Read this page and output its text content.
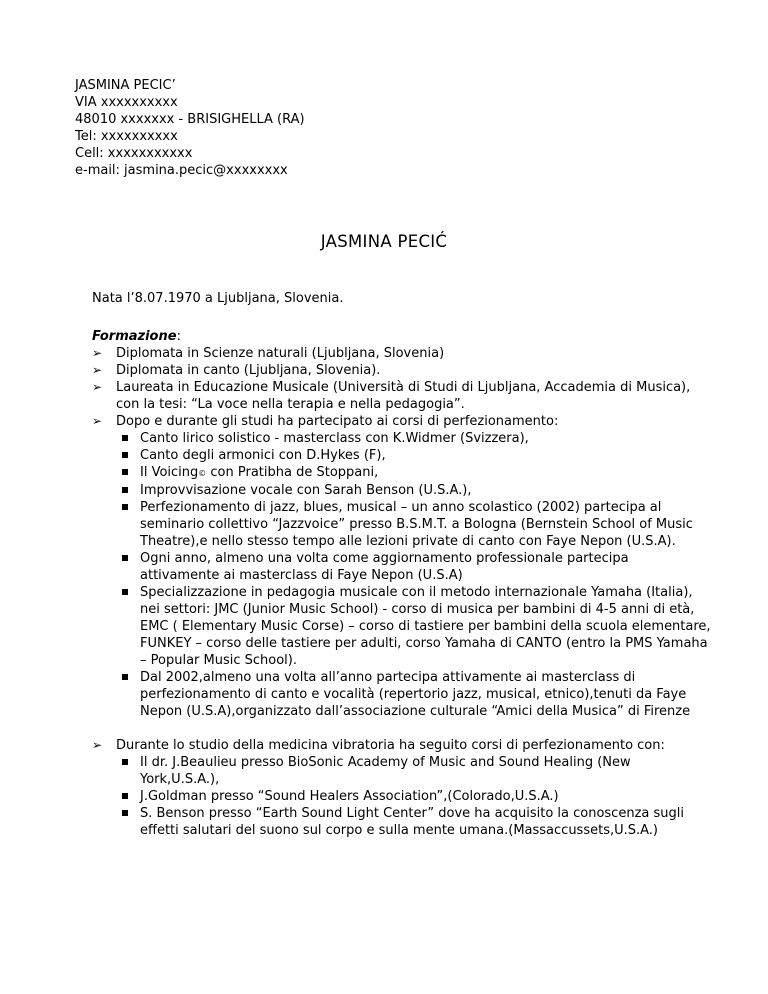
JASMINA PECIC’
VIA xxxxxxxxxx
48010 xxxxxxx - BRISIGHELLA (RA)
Tel: xxxxxxxxxx
Cell: xxxxxxxxxxx
e-mail: jasmina.pecic@xxxxxxxx
JASMINA PECIĆ
Nata l’8.07.1970 a Ljubljana, Slovenia.
Formazione:
➢	Diplomata in Scienze naturali (Ljubljana, Slovenia)
➢	Diplomata in canto (Ljubljana, Slovenia).
➢	Laureata in Educazione Musicale (Università di Studi di Ljubljana, Accademia di Musica), con la tesi: “La voce nella terapia e nella pedagogia”.
➢	Dopo e durante gli studi ha partecipato ai corsi di perfezionamento:
Canto lirico solistico - masterclass con K.Widmer (Svizzera),
Canto degli armonici con D.Hykes (F),
Il Voicing© con Pratibha de Stoppani,
Improvvisazione vocale con Sarah Benson (U.S.A.),
Perfezionamento di jazz, blues, musical – un anno scolastico (2002) partecipa al seminario collettivo “Jazzvoice” presso B.S.M.T. a Bologna (Bernstein School of Music Theatre),e nello stesso tempo alle lezioni private di canto con Faye Nepon (U.S.A).
Ogni anno, almeno una volta come aggiornamento professionale partecipa attivamente ai masterclass di Faye Nepon (U.S.A)
Specializzazione in pedagogia musicale con il metodo internazionale Yamaha (Italia), nei settori: JMC (Junior Music School) - corso di musica per bambini di 4-5 anni di età, EMC ( Elementary Music Corse) – corso di tastiere per bambini della scuola elementare, FUNKEY – corso delle tastiere per adulti, corso Yamaha di CANTO (entro la PMS Yamaha – Popular Music School).
Dal 2002,almeno una volta all’anno partecipa attivamente ai masterclass di perfezionamento di canto e vocalità (repertorio jazz, musical, etnico),tenuti da Faye Nepon (U.S.A),organizzato dall’associazione culturale “Amici della Musica” di Firenze
➢	Durante lo studio della medicina vibratoria ha seguito corsi di perfezionamento con:
Il dr. J.Beaulieu presso BioSonic Academy of Music and Sound Healing (New York,U.S.A.),
J.Goldman presso “Sound Healers Association”,(Colorado,U.S.A.)
S. Benson presso “Earth Sound Light Center” dove ha acquisito la conoscenza sugli effetti salutari del suono sul corpo e sulla mente umana.(Massaccussets,U.S.A.)
